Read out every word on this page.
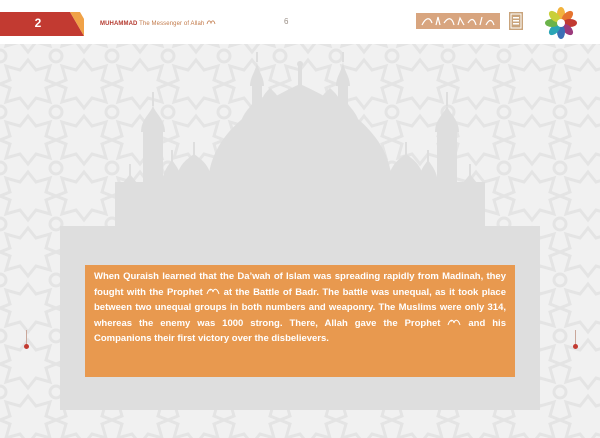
2	MUHAMMAD The Messenger of Allah	6

When Quraish learned that the Da’wah of Islam was spreading rapidly from Madinah, they fought with the Prophet  at the Battle of Badr. The battle was unequal, as it took place between two unequal groups in both numbers and weaponry. The Muslims were only 314, whereas the enemy was 1000 strong. There, Allah gave the Prophet  and his Companions their first victory over the disbelievers.
